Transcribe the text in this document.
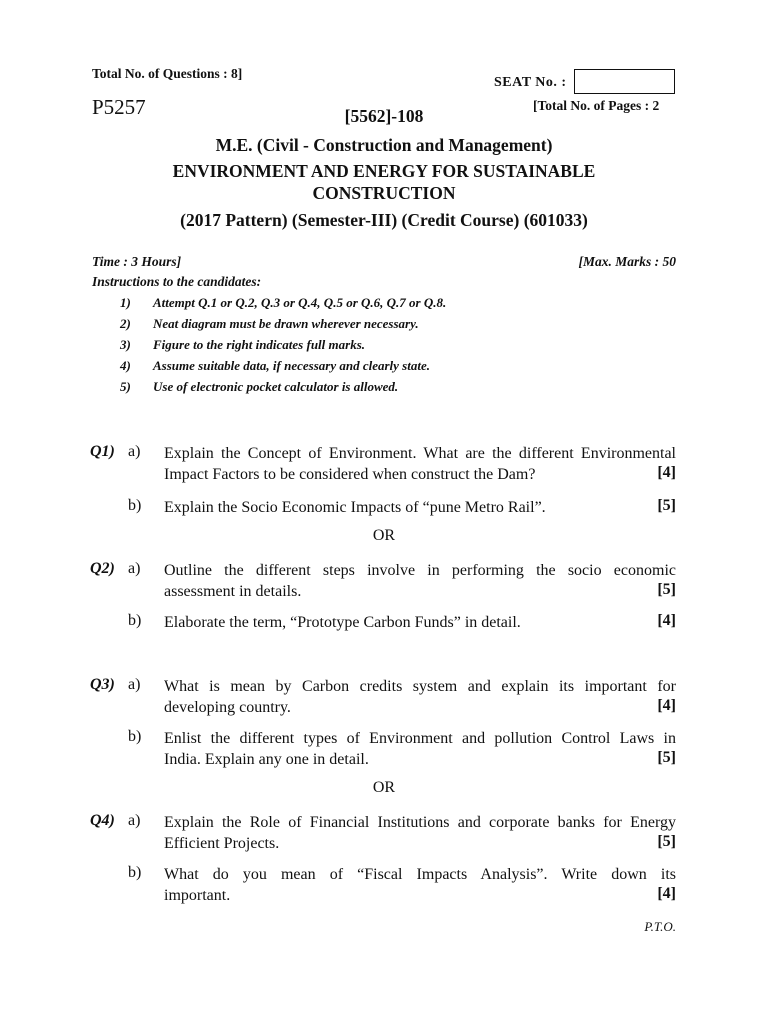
Total No. of Questions : 8]
P5257
SEAT No. :
[5562]-108
[Total No. of Pages : 2
M.E. (Civil - Construction and Management)
ENVIRONMENT AND ENERGY FOR SUSTAINABLE
CONSTRUCTION
(2017 Pattern) (Semester-III) (Credit Course) (601033)
Time : 3 Hours]	[Max. Marks : 50
Instructions to the candidates:
1) Attempt Q.1 or Q.2, Q.3 or Q.4, Q.5 or Q.6, Q.7 or Q.8.
2) Neat diagram must be drawn wherever necessary.
3) Figure to the right indicates full marks.
4) Assume suitable data, if necessary and clearly state.
5) Use of electronic pocket calculator is allowed.
Q1) a) Explain the Concept of Environment. What are the different Environmental
Impact Factors to be considered when construct the Dam?	[4]
b) Explain the Socio Economic Impacts of “pune Metro Rail”.	[5]
OR
Q2) a) Outline the different steps involve in performing the socio economic
assessment in details.	[5]
b) Elaborate the term, “Prototype Carbon Funds” in detail.	[4]
Q3) a) What is mean by Carbon credits system and explain its important for
developing country.	[4]
b) Enlist the different types of Environment and pollution Control Laws in
India. Explain any one in detail.	[5]
OR
Q4) a) Explain the Role of Financial Institutions and corporate banks for Energy
Efficient Projects.	[5]
b) What do you mean of “Fiscal Impacts Analysis”. Write down its
important.	[4]
P.T.O.
